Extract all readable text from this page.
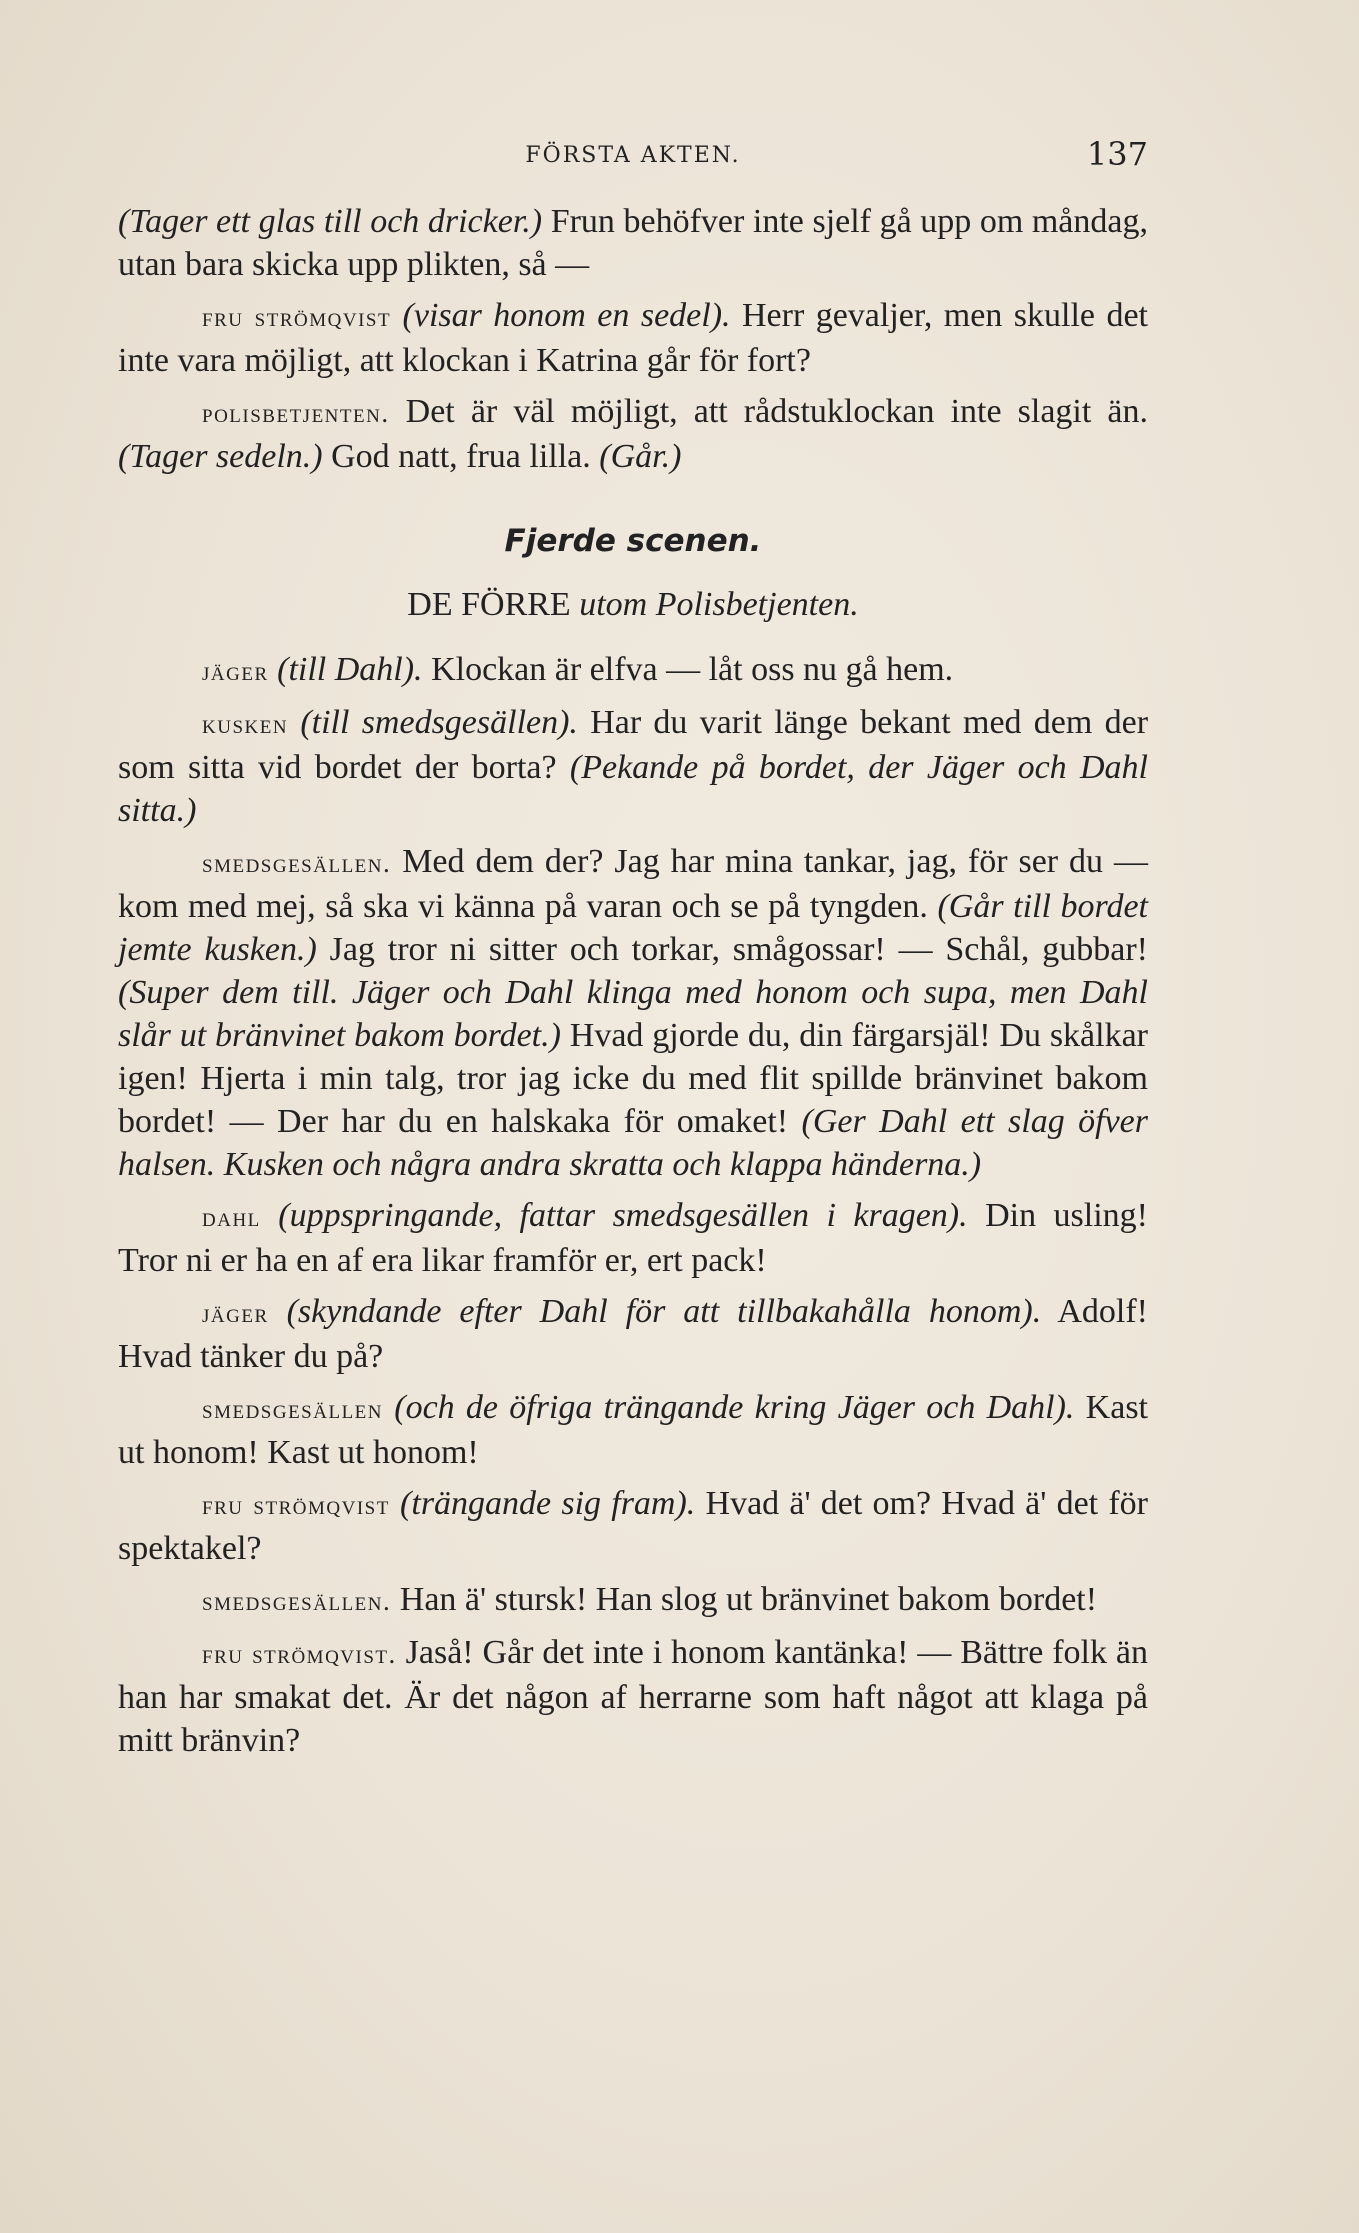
FÖRSTA AKTEN.	137

(Tager ett glas till och dricker.) Frun behöfver inte sjelf gå upp om måndag, utan bara skicka upp plikten, så —

fru strömqvist (visar honom en sedel). Herr gevaljer, men skulle det inte vara möjligt, att klockan i Katrina går för fort?

polisbetjenten. Det är väl möjligt, att rådstuklockan inte slagit än. (Tager sedeln.) God natt, frua lilla. (Går.)

Fjerde scenen.

DE FÖRRE utom Polisbetjenten.

jäger (till Dahl). Klockan är elfva — låt oss nu gå hem.

kusken (till smedsgesällen). Har du varit länge bekant med dem der som sitta vid bordet der borta? (Pekande på bordet, der Jäger och Dahl sitta.)

smedsgesällen. Med dem der? Jag har mina tankar, jag, för ser du — kom med mej, så ska vi känna på varan och se på tyngden. (Går till bordet jemte kusken.) Jag tror ni sitter och torkar, smågossar! — Schål, gubbar! (Super dem till. Jäger och Dahl klinga med honom och supa, men Dahl slår ut bränvinet bakom bordet.) Hvad gjorde du, din färgarsjäl! Du skålkar igen! Hjerta i min talg, tror jag icke du med flit spillde bränvinet bakom bordet! — Der har du en halskaka för omaket! (Ger Dahl ett slag öfver halsen. Kusken och några andra skratta och klappa händerna.)

dahl (uppspringande, fattar smedsgesällen i kragen). Din usling! Tror ni er ha en af era likar framför er, ert pack!

jäger (skyndande efter Dahl för att tillbakahålla honom). Adolf! Hvad tänker du på?

smedsgesällen (och de öfriga trängande kring Jäger och Dahl). Kast ut honom! Kast ut honom!

fru strömqvist (trängande sig fram). Hvad ä' det om? Hvad ä' det för spektakel?

smedsgesällen. Han ä' stursk! Han slog ut bränvinet bakom bordet!

fru strömqvist. Jaså! Går det inte i honom kantänka! — Bättre folk än han har smakat det. Är det någon af herrarne som haft något att klaga på mitt bränvin?
